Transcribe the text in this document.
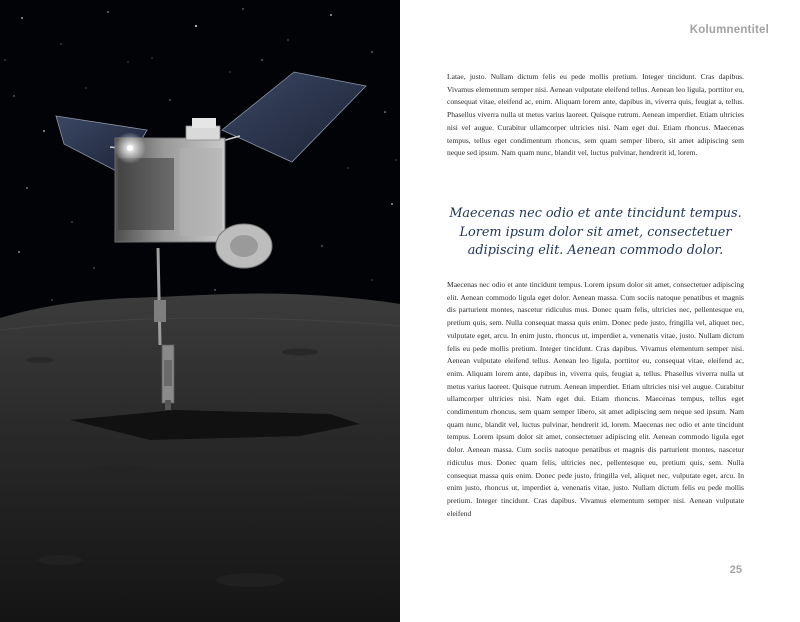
Kolumnentitel

Latae, justo. Nullam dictum felis eu pede mollis pretium. Integer tincidunt. Cras dapibus. Vivamus elementum semper nisi. Aenean vulputate eleifend tellus. Aenean leo ligula, porttitor eu, consequat vitae, eleifend ac, enim. Aliquam lorem ante, dapibus in, viverra quis, feugiat a, tellus. Phasellus viverra nulla ut metus varius laoreet. Quisque rutrum. Aenean imperdiet. Etiam ultricies nisi vel augue. Curabitur ullamcorper ultricies nisi. Nam eget dui. Etiam rhoncus. Maecenas tempus, tellus eget condimentum rhoncus, sem quam semper libero, sit amet adipiscing sem neque sed ipsum. Nam quam nunc, blandit vel, luctus pulvinar, hendrerit id, lorem.

Maecenas nec odio et ante tincidunt tempus. Lorem ipsum dolor sit amet, consectetuer adipiscing elit. Aenean commodo dolor.

Maecenas nec odio et ante tincidunt tempus. Lorem ipsum dolor sit amet, consectetuer adipiscing elit. Aenean commodo ligula eget dolor. Aenean massa. Cum sociis natoque penatibus et magnis dis parturient montes, nascetur ridiculus mus. Donec quam felis, ultricies nec, pellentesque eu, pretium quis, sem. Nulla consequat massa quis enim. Donec pede justo, fringilla vel, aliquet nec, vulputate eget, arcu. In enim justo, rhoncus ut, imperdiet a, venenatis vitae, justo. Nullam dictum felis eu pede mollis pretium. Integer tincidunt. Cras dapibus. Vivamus elementum semper nisi. Aenean vulputate eleifend tellus. Aenean leo ligula, porttitor eu, consequat vitae, eleifend ac, enim. Aliquam lorem ante, dapibus in, viverra quis, feugiat a, tellus. Phasellus viverra nulla ut metus varius laoreet. Quisque rutrum. Aenean imperdiet. Etiam ultricies nisi vel augue. Curabitur ullamcorper ultricies nisi. Nam eget dui. Etiam rhoncus. Maecenas tempus, tellus eget condimentum rhoncus, sem quam semper libero, sit amet adipiscing sem neque sed ipsum. Nam quam nunc, blandit vel, luctus pulvinar, hendrerit id, lorem. Maecenas nec odio et ante tincidunt tempus. Lorem ipsum dolor sit amet, consectetuer adipiscing elit. Aenean commodo ligula eget dolor. Aenean massa. Cum sociis natoque penatibus et magnis dis parturient montes, nascetur ridiculus mus. Donec quam felis, ultricies nec, pellentesque eu, pretium quis, sem. Nulla consequat massa quis enim. Donec pede justo, fringilla vel, aliquet nec, vulputate eget, arcu. In enim justo, rhoncus ut, imperdiet a, venenatis vitae, justo. Nullam dictum felis eu pede mollis pretium. Integer tincidunt. Cras dapibus. Vivamus elementum semper nisi. Aenean vulputate eleifend

25
